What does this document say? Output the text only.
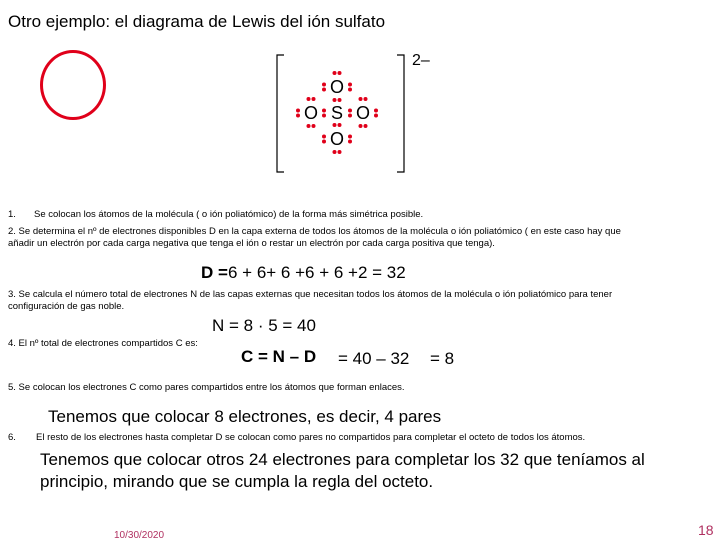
Otro ejemplo: el diagrama de Lewis del ión sulfato
S
O
O O
O
2–
1. Se colocan los átomos de la molécula ( o ión poliatómico) de la forma más simétrica posible.
2. Se determina el nº de electrones disponibles D en la capa externa de todos los átomos de la molécula o ión poliatómico ( en este caso hay que
añadir un electrón por cada carga negativa que tenga el ión o restar un electrón por cada carga positiva que tenga).
D = 6 + 6+ 6 +6 + 6 +2 = 32
3. Se calcula el número total de electrones N de las capas externas que necesitan todos los átomos de la molécula o ión poliatómico para tener
configuración de gas noble.
N = 8 · 5 = 40
4. El nº total de electrones compartidos C es:
C = N – D = 40 – 32 = 8
5. Se colocan los electrones C como pares compartidos entre los átomos que forman enlaces.
Tenemos que colocar 8 electrones, es decir, 4 pares
6. El resto de los electrones hasta completar D se colocan como pares no compartidos para completar el octeto de todos los átomos.
Tenemos que colocar otros 24 electrones para completar los 32 que teníamos al
principio, mirando que se cumpla la regla del octeto.
10/30/2020	18
